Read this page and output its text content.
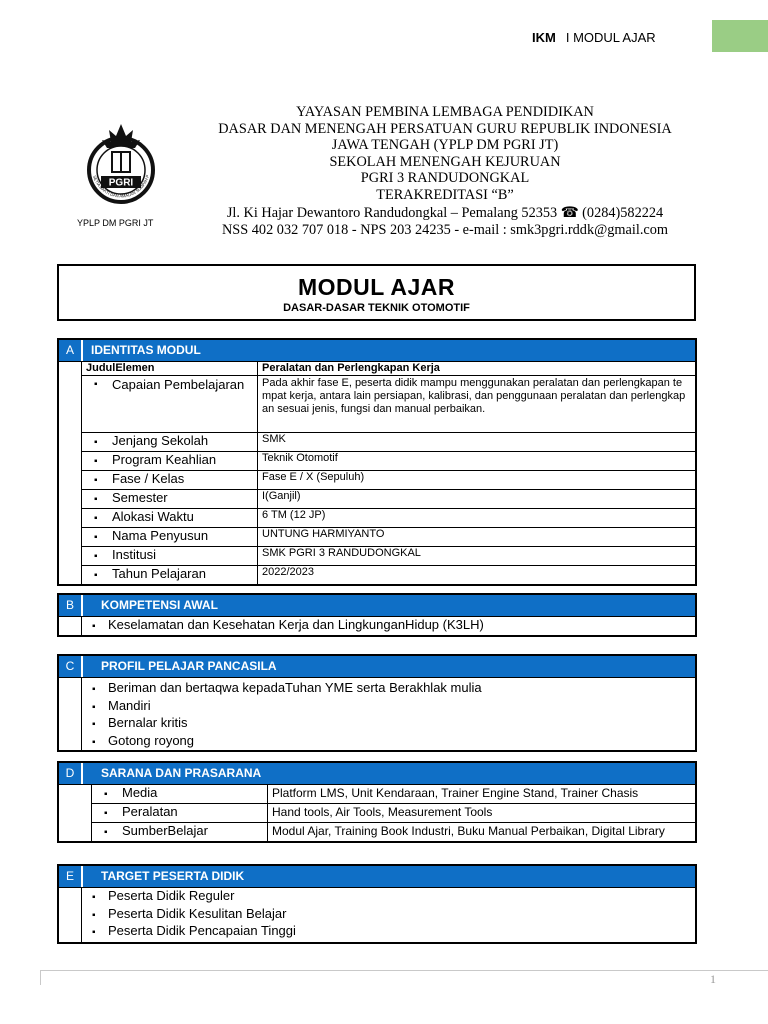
IKM I MODUL AJAR
PGRI
SETIA BAKTI DAN AMALAN SUMPAH P
YPLP DM PGRI JT
YAYASAN PEMBINA LEMBAGA PENDIDIKAN
DASAR DAN MENENGAH PERSATUAN GURU REPUBLIK INDONESIA
JAWA TENGAH (YPLP DM PGRI JT)
SEKOLAH MENENGAH KEJURUAN
PGRI 3 RANDUDONGKAL
TERAKREDITASI “B”
Jl. Ki Hajar Dewantoro Randudongkal – Pemalang 52353 ☎ (0284)582224
NSS 402 032 707 018 - NPS 203 24235 - e-mail : smk3pgri.rddk@gmail.com
MODUL AJAR
DASAR-DASAR TEKNIK OTOMOTIF
A	IDENTITAS MODUL
JudulElemen	Peralatan dan Perlengkapan Kerja
▪	Capaian Pembelajaran	Pada akhir fase E, peserta didik mampu menggunakan peralatan dan perlengkapan tempat kerja, antara lain persiapan, kalibrasi, dan penggunaan peralatan dan perlengkapan sesuai jenis, fungsi dan manual perbaikan.
▪ Jenjang Sekolah	SMK
▪ Program Keahlian	Teknik Otomotif
▪ Fase / Kelas	Fase E / X (Sepuluh)
▪ Semester	I(Ganjil)
▪ Alokasi Waktu	6 TM (12 JP)
▪ Nama Penyusun	UNTUNG HARMIYANTO
▪ Institusi	SMK PGRI 3 RANDUDONGKAL
▪ Tahun Pelajaran	2022/2023
B	KOMPETENSI AWAL
▪ Keselamatan dan Kesehatan Kerja dan LingkunganHidup (K3LH)
C	PROFIL PELAJAR PANCASILA
▪ Beriman dan bertaqwa kepadaTuhan YME serta Berakhlak mulia
▪ Mandiri
▪ Bernalar kritis
▪ Gotong royong
D	SARANA DAN PRASARANA
▪ Media	Platform LMS, Unit Kendaraan, Trainer Engine Stand, Trainer Chasis
▪ Peralatan	Hand tools, Air Tools, Measurement Tools
▪ SumberBelajar	Modul Ajar, Training Book Industri, Buku Manual Perbaikan, Digital Library
E	TARGET PESERTA DIDIK
▪ Peserta Didik Reguler
▪ Peserta Didik Kesulitan Belajar
▪ Peserta Didik Pencapaian Tinggi
1
